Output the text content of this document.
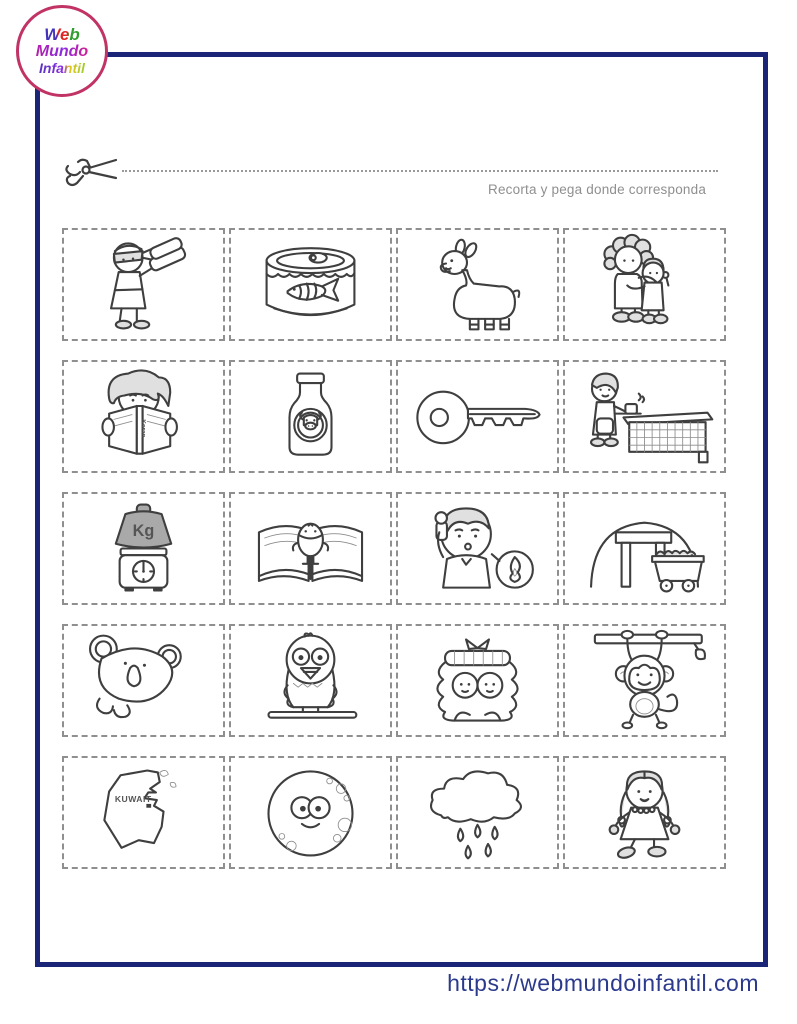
Web
Mundo
Infantil
Recorta y pega donde corresponda
Koran
Kg
KUWAIT
https://webmundoinfantil.com
